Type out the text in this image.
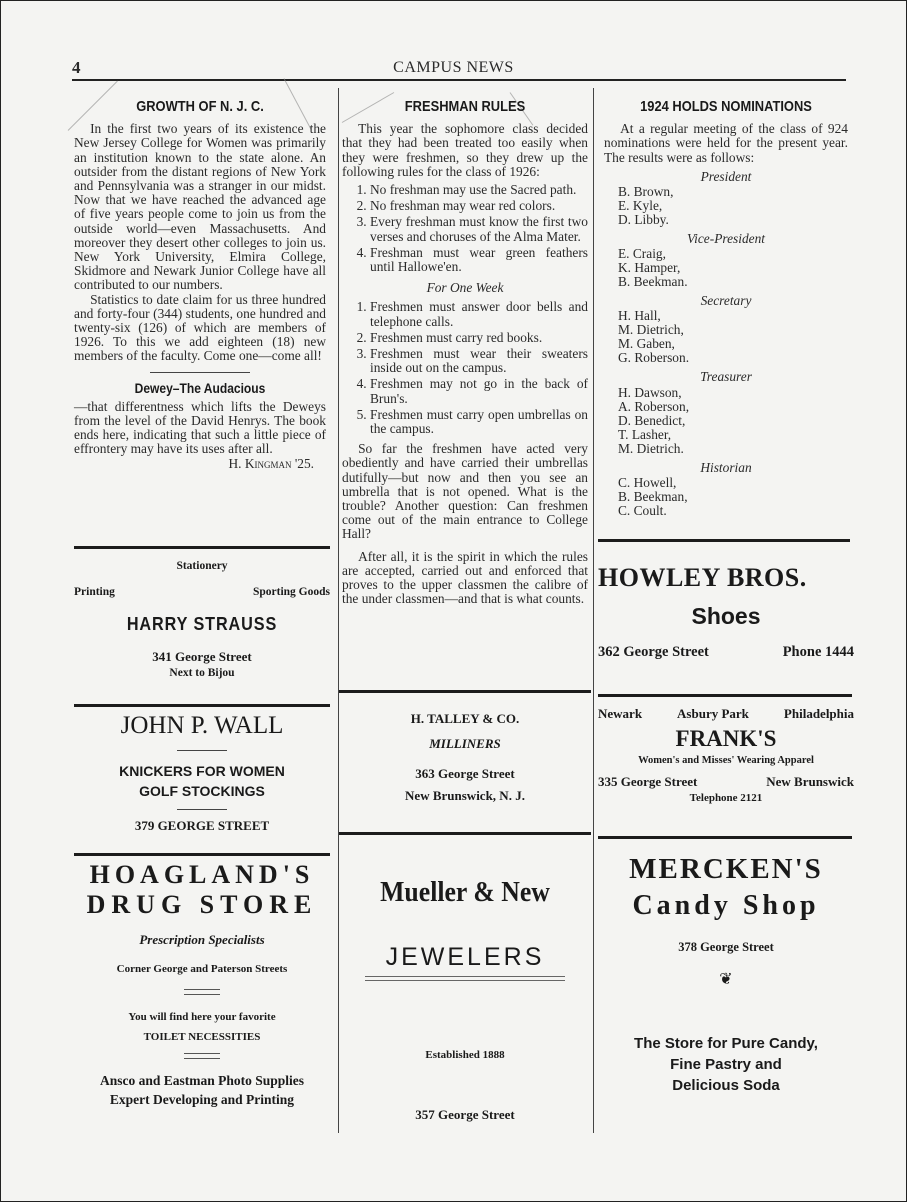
4	CAMPUS NEWS
GROWTH OF N. J. C.

In the first two years of its existence the New Jersey College for Women was primarily an institution known to the state alone. An outsider from the distant regions of New York and Pennsylvania was a stranger in our midst. Now that we have reached the advanced age of five years people come to join us from the outside world—even Massachusetts. And moreover they desert other colleges to join us. New York University, Elmira College, Skidmore and Newark Junior College have all contributed to our numbers.

Statistics to date claim for us three hundred and forty-four (344) students, one hundred and twenty-six (126) of which are members of 1926. To this we add eighteen (18) new members of the faculty. Come one—come all!

Dewey–The Audacious
—that differentness which lifts the Deweys from the level of the David Henrys. The book ends here, indicating that such a little piece of effrontery may have its uses after all.
H. Kingman '25.
FRESHMAN RULES

This year the sophomore class decided that they had been treated too easily when they were freshmen, so they drew up the following rules for the class of 1926:

1. No freshman may use the Sacred path.
2. No freshman may wear red colors.
3. Every freshman must know the first two verses and choruses of the Alma Mater.
4. Freshman must wear green feathers until Hallowe'en.
For One Week
1. Freshmen must answer door bells and telephone calls.
2. Freshmen must carry red books.
3. Freshmen must wear their sweaters inside out on the campus.
4. Freshmen may not go in the back of Brun's.
5. Freshmen must carry open umbrellas on the campus.

So far the freshmen have acted very obediently and have carried their umbrellas dutifully—but now and then you see an umbrella that is not opened. What is the trouble? Another question: Can freshmen come out of the main entrance to College Hall?

After all, it is the spirit in which the rules are accepted, carried out and enforced that proves to the upper classmen the calibre of the under classmen—and that is what counts.

1924 HOLDS NOMINATIONS

At a regular meeting of the class of 924 nominations were held for the present year. The results were as follows:

President
B. Brown,
E. Kyle,
D. Libby.
Vice-President
E. Craig,
K. Hamper,
B. Beekman.
Secretary
H. Hall,
M. Dietrich,
M. Gaben,
G. Roberson.
Treasurer
H. Dawson,
A. Roberson,
D. Benedict,
T. Lasher,
M. Dietrich.
Historian
C. Howell,
B. Beekman,
C. Coult.
Stationery
Printing	Sporting Goods
HARRY STRAUSS
341 George Street
Next to Bijou
HOWLEY BROS.
Shoes
362 George Street	Phone 1444
JOHN P. WALL
KNICKERS FOR WOMEN
GOLF STOCKINGS
379 GEORGE STREET
H. TALLEY & CO.
MILLINERS
363 George Street
New Brunswick, N. J.
Newark	Asbury Park	Philadelphia
FRANK'S
Women's and Misses' Wearing Apparel
335 George Street	New Brunswick
Telephone 2121
HOAGLAND'S
DRUG STORE
Prescription Specialists
Corner George and Paterson Streets
You will find here your favorite
TOILET NECESSITIES
Ansco and Eastman Photo Supplies
Expert Developing and Printing
Mueller & New
JEWELERS
Established 1888
357 George Street
MERCKEN'S
Candy Shop
378 George Street
❦
The Store for Pure Candy,
Fine Pastry and
Delicious Soda
